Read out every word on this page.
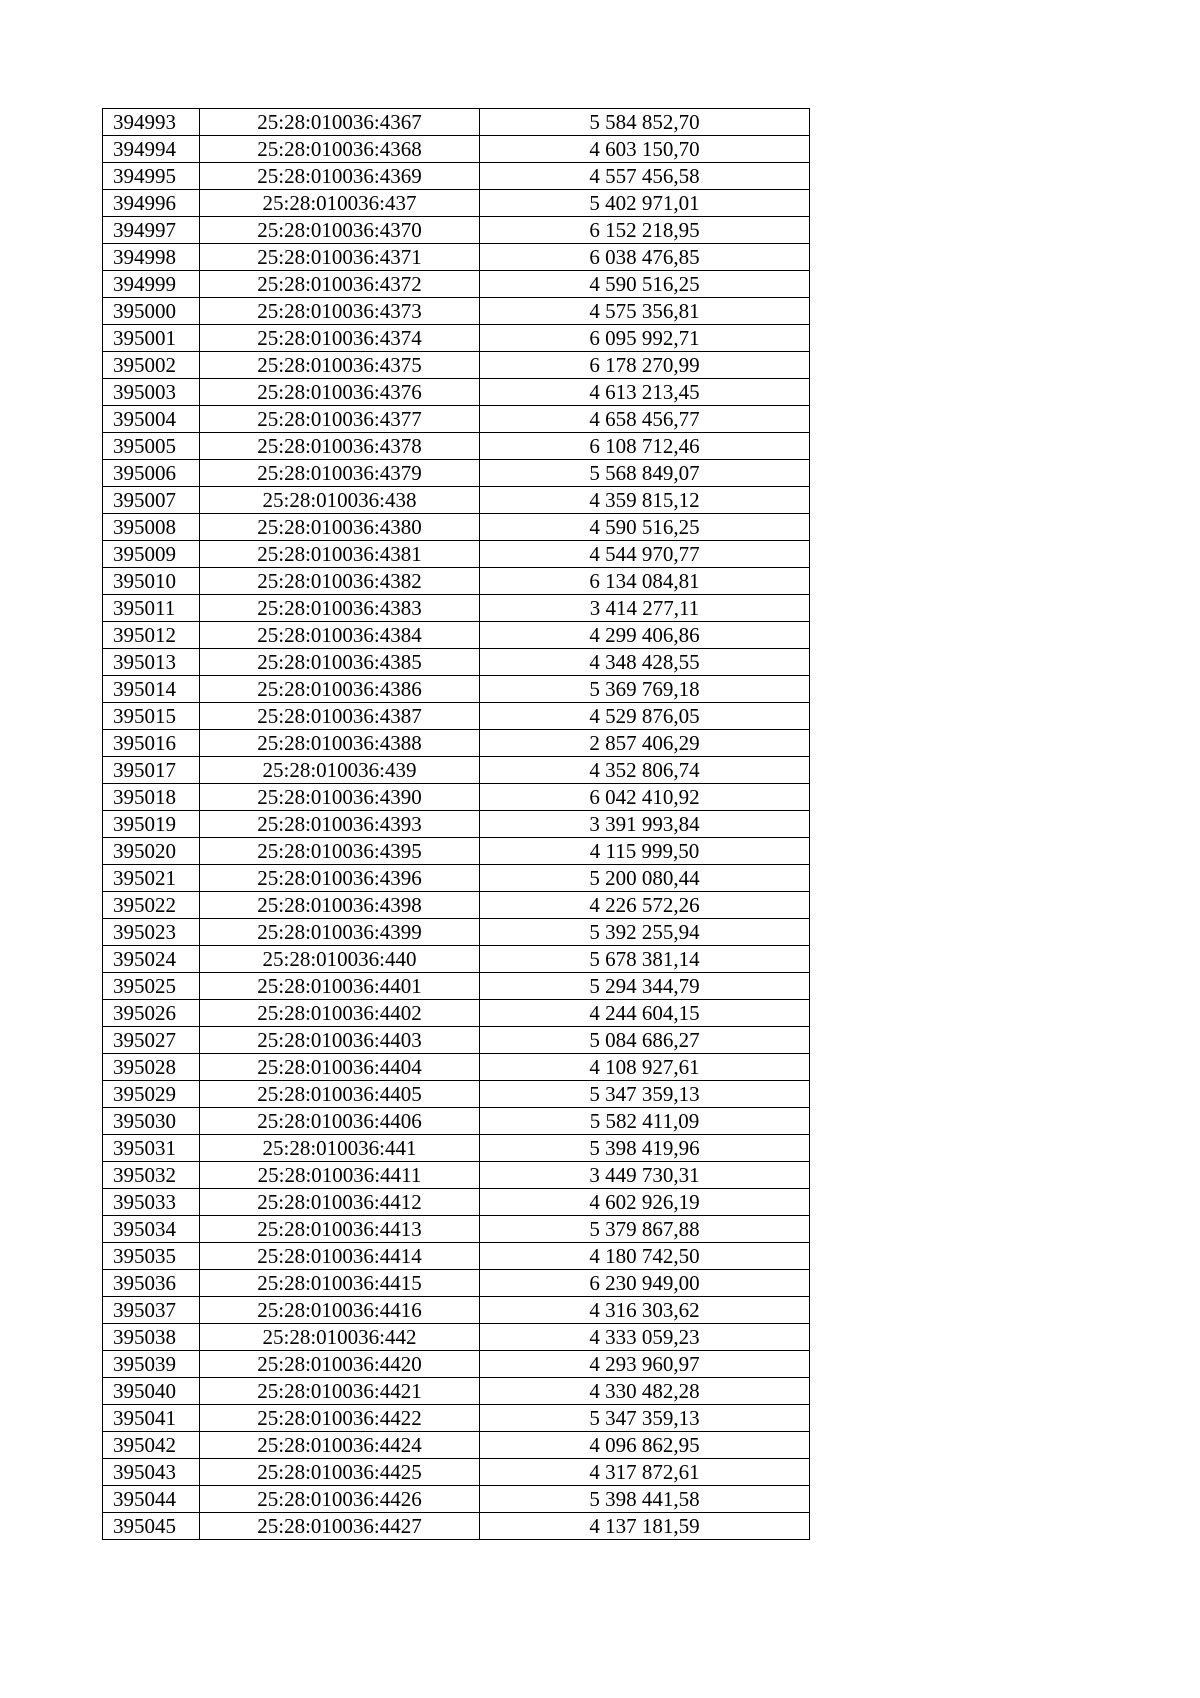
394993	25:28:010036:4367	5 584 852,70
394994	25:28:010036:4368	4 603 150,70
394995	25:28:010036:4369	4 557 456,58
394996	25:28:010036:437	5 402 971,01
394997	25:28:010036:4370	6 152 218,95
394998	25:28:010036:4371	6 038 476,85
394999	25:28:010036:4372	4 590 516,25
395000	25:28:010036:4373	4 575 356,81
395001	25:28:010036:4374	6 095 992,71
395002	25:28:010036:4375	6 178 270,99
395003	25:28:010036:4376	4 613 213,45
395004	25:28:010036:4377	4 658 456,77
395005	25:28:010036:4378	6 108 712,46
395006	25:28:010036:4379	5 568 849,07
395007	25:28:010036:438	4 359 815,12
395008	25:28:010036:4380	4 590 516,25
395009	25:28:010036:4381	4 544 970,77
395010	25:28:010036:4382	6 134 084,81
395011	25:28:010036:4383	3 414 277,11
395012	25:28:010036:4384	4 299 406,86
395013	25:28:010036:4385	4 348 428,55
395014	25:28:010036:4386	5 369 769,18
395015	25:28:010036:4387	4 529 876,05
395016	25:28:010036:4388	2 857 406,29
395017	25:28:010036:439	4 352 806,74
395018	25:28:010036:4390	6 042 410,92
395019	25:28:010036:4393	3 391 993,84
395020	25:28:010036:4395	4 115 999,50
395021	25:28:010036:4396	5 200 080,44
395022	25:28:010036:4398	4 226 572,26
395023	25:28:010036:4399	5 392 255,94
395024	25:28:010036:440	5 678 381,14
395025	25:28:010036:4401	5 294 344,79
395026	25:28:010036:4402	4 244 604,15
395027	25:28:010036:4403	5 084 686,27
395028	25:28:010036:4404	4 108 927,61
395029	25:28:010036:4405	5 347 359,13
395030	25:28:010036:4406	5 582 411,09
395031	25:28:010036:441	5 398 419,96
395032	25:28:010036:4411	3 449 730,31
395033	25:28:010036:4412	4 602 926,19
395034	25:28:010036:4413	5 379 867,88
395035	25:28:010036:4414	4 180 742,50
395036	25:28:010036:4415	6 230 949,00
395037	25:28:010036:4416	4 316 303,62
395038	25:28:010036:442	4 333 059,23
395039	25:28:010036:4420	4 293 960,97
395040	25:28:010036:4421	4 330 482,28
395041	25:28:010036:4422	5 347 359,13
395042	25:28:010036:4424	4 096 862,95
395043	25:28:010036:4425	4 317 872,61
395044	25:28:010036:4426	5 398 441,58
395045	25:28:010036:4427	4 137 181,59
